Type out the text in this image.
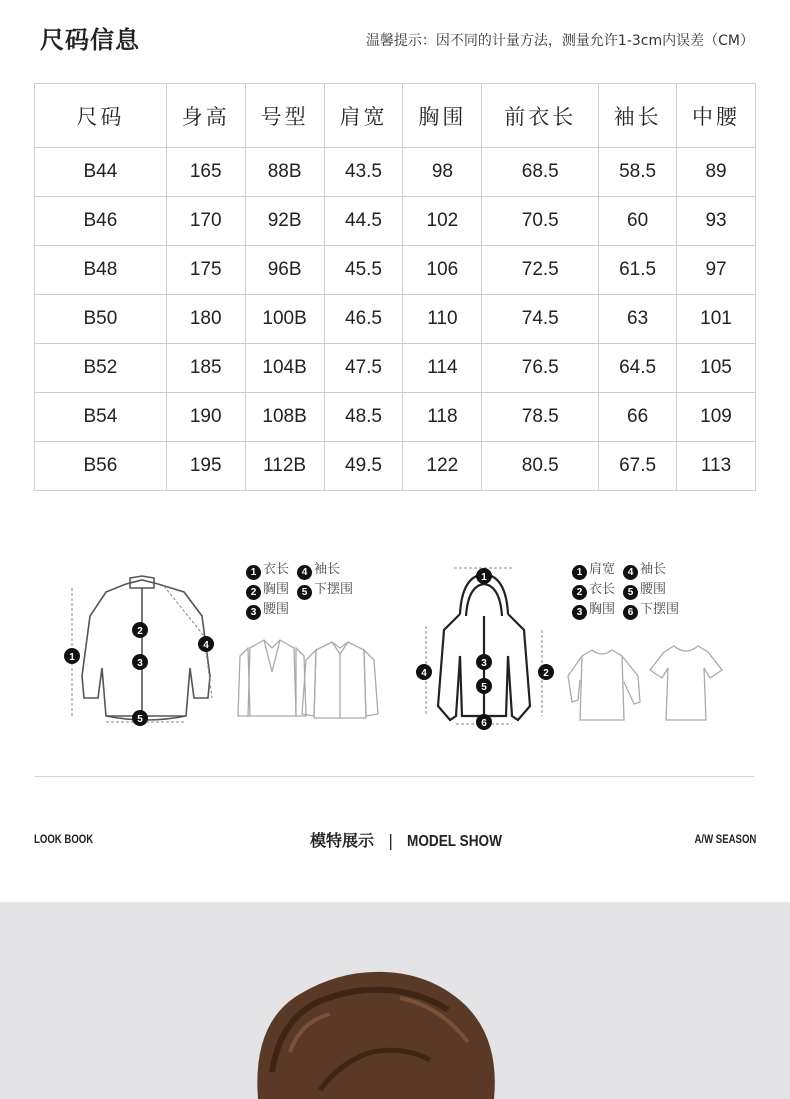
尺码信息	温馨提示：因不同的计量方法，测量允许1-3cm内误差（CM）
尺码	身高	号型	肩宽	胸围	前衣长	袖长	中腰
B44	165	88B	43.5	98	68.5	58.5	89
B46	170	92B	44.5	102	70.5	60	93
B48	175	96B	45.5	106	72.5	61.5	97
B50	180	100B	46.5	110	74.5	63	101
B52	185	104B	47.5	114	76.5	64.5	105
B54	190	108B	48.5	118	78.5	66	109
B56	195	112B	49.5	122	80.5	67.5	113
1
2
3
4
5
1 衣长 4 袖长
2 胸围 5 下摆围
3 腰围
1
2
3
4
5
6
1 肩宽 4 袖长
2 衣长 5 腰围
3 胸围 6 下摆围
LOOK BOOK	模特展示 | MODEL SHOW	A/W SEASON
